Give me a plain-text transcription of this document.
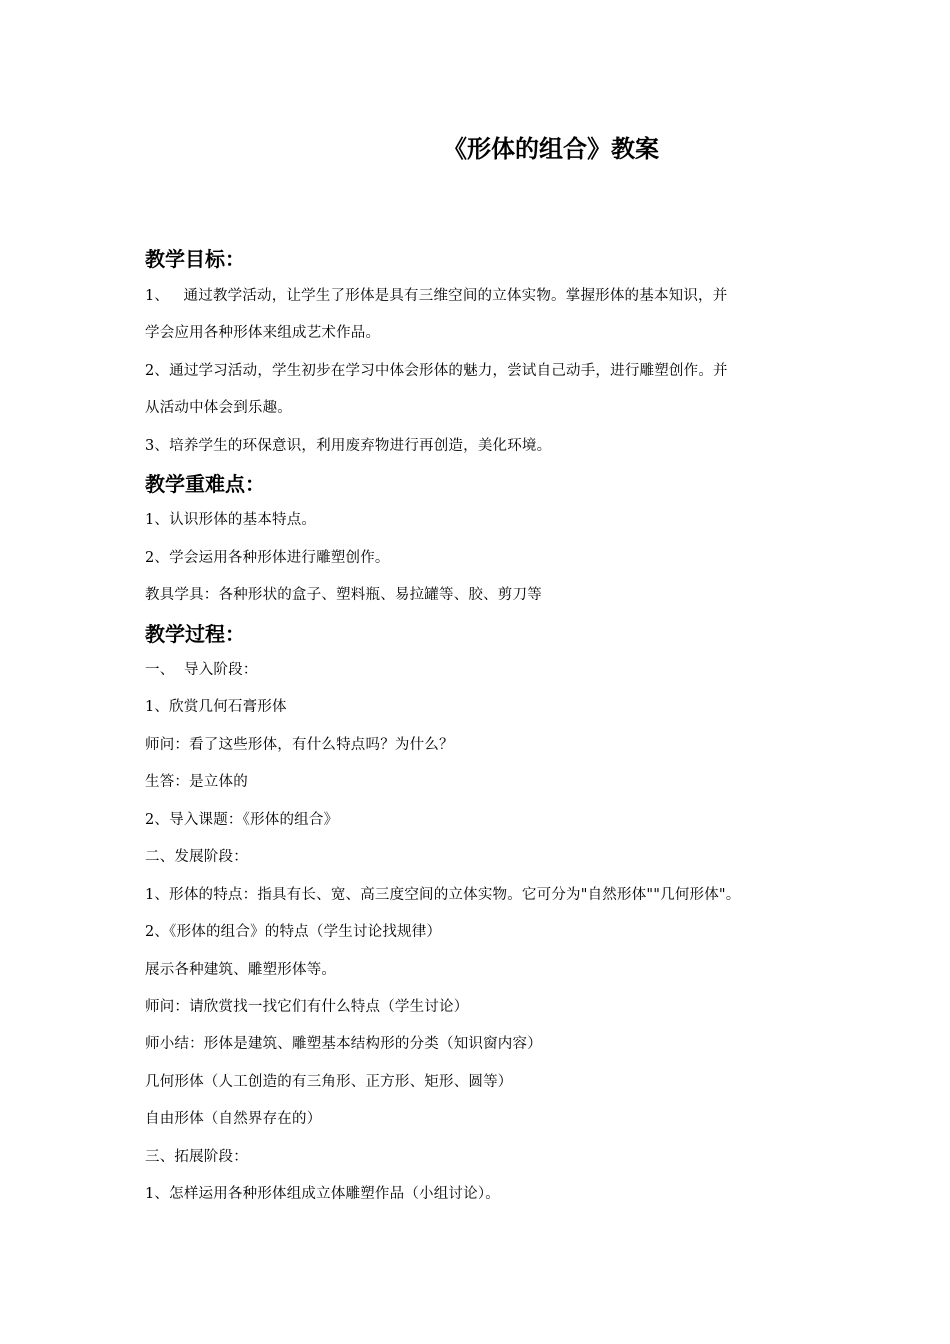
《形体的组合》教案
教学目标：
1、   通过教学活动，让学生了形体是具有三维空间的立体实物。掌握形体的基本知识，并
学会应用各种形体来组成艺术作品。
2、通过学习活动，学生初步在学习中体会形体的魅力，尝试自己动手，进行雕塑创作。并
从活动中体会到乐趣。
3、培养学生的环保意识，利用废弃物进行再创造，美化环境。
教学重难点：
1、认识形体的基本特点。
2、学会运用各种形体进行雕塑创作。
教具学具：各种形状的盒子、塑料瓶、易拉罐等、胶、剪刀等
教学过程：
一、  导入阶段：
1、欣赏几何石膏形体
师问：看了这些形体，有什么特点吗？为什么？
生答：是立体的
2、导入课题：《形体的组合》
二、发展阶段：
1、形体的特点：指具有长、宽、高三度空间的立体实物。它可分为"自然形体""几何形体"。
2、《形体的组合》的特点（学生讨论找规律）
展示各种建筑、雕塑形体等。
师问：请欣赏找一找它们有什么特点（学生讨论）
师小结：形体是建筑、雕塑基本结构形的分类（知识窗内容）
几何形体（人工创造的有三角形、正方形、矩形、圆等）
自由形体（自然界存在的）
三、拓展阶段：
1、怎样运用各种形体组成立体雕塑作品（小组讨论）。
